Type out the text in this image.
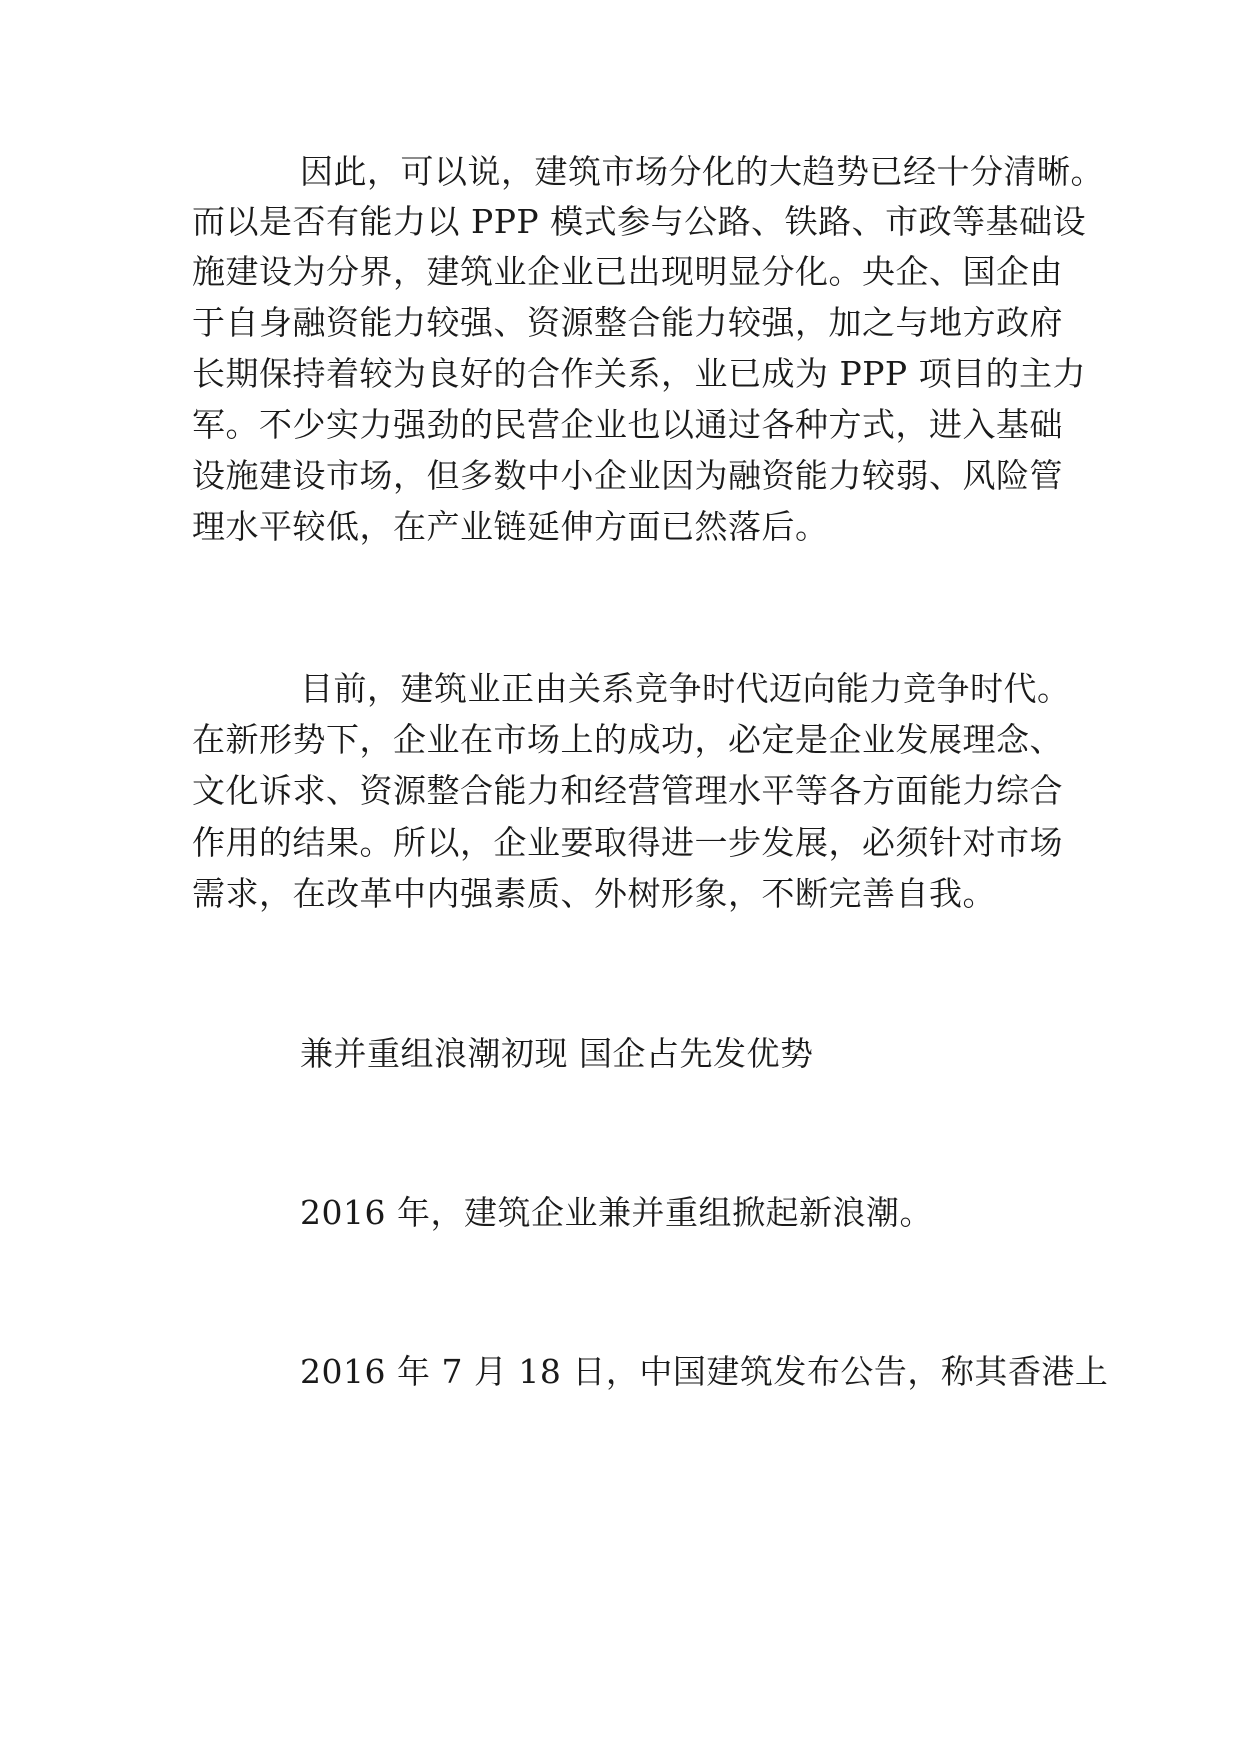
因此，可以说，建筑市场分化的大趋势已经十分清晰。
而以是否有能力以 PPP 模式参与公路、铁路、市政等基础设
施建设为分界，建筑业企业已出现明显分化。央企、国企由
于自身融资能力较强、资源整合能力较强，加之与地方政府
长期保持着较为良好的合作关系，业已成为 PPP 项目的主力
军。不少实力强劲的民营企业也以通过各种方式，进入基础
设施建设市场，但多数中小企业因为融资能力较弱、风险管
理水平较低，在产业链延伸方面已然落后。
目前，建筑业正由关系竞争时代迈向能力竞争时代。
在新形势下，企业在市场上的成功，必定是企业发展理念、
文化诉求、资源整合能力和经营管理水平等各方面能力综合
作用的结果。所以，企业要取得进一步发展，必须针对市场
需求，在改革中内强素质、外树形象，不断完善自我。
兼并重组浪潮初现 国企占先发优势
2016 年，建筑企业兼并重组掀起新浪潮。
2016 年 7 月 18 日，中国建筑发布公告，称其香港上
